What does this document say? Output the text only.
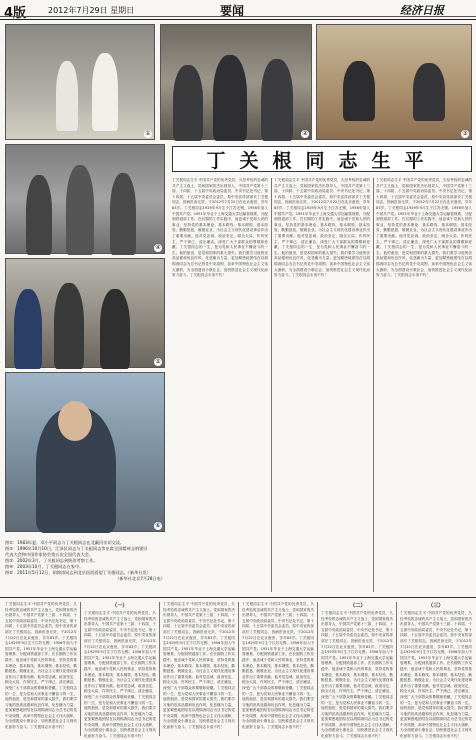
4版	2012年7月29日 星期日	要闻	经济日报
①	②	③
丁关根同志生平
④
⑤
⑥
图①：1983年夏，邓小平同志与丁关根同志在北戴河亲切交谈。
图②：1996年10月10日，江泽民同志与丁关根同志等出席全国精神文明建设
代表大会和中国作家协会第五次全国代表大会。
图③：2002年3月，丁关根同志到陕西考察工作。
图④：2003年10月，丁关根同志在家中。
图⑤：2011年5月12日，胡锦涛同志到北京医院看望丁关根同志。（新华社发）
（新华社北京7月28日电）
丁关根同志生平 中国共产党的优秀党员，久经考验的忠诚的共产主义战士，党和国家的杰出领导人，中国共产党第十三届、十四届、十五届中央政治局委员、中央书记处书记，第十四届、十五届中央委员会委员，原中央宣传部部长丁关根同志，因病医治无效，于2012年7月22日在北京逝世，享年83岁。丁关根同志1929年9月生于江苏无锡，1956年加入中国共产党。1951年毕业于上海交通大学运输管理系，分配到铁道部工作。在长期的工作实践中，他忠诚于党和人民的事业，坚持党的基本理论、基本路线、基本纲领、基本经验，勤勤恳恳，兢兢业业，为社会主义现代化建设事业作出了重要贡献。他对党忠诚，政治坚定，顾全大局，作风民主，严于律己，清正廉洁，深受广大干部群众的尊敬和爱戴。丁关根同志的一生，是为党和人民事业不懈奋斗的一生。他的逝世，是党和国家的重大损失。我们要学习他的崇高品德和优良作风，化悲痛为力量，更加紧密地团结在以胡锦涛同志为总书记的党中央周围，高举中国特色社会主义伟大旗帜，为全面建设小康社会、加快推进社会主义现代化而努力奋斗。丁关根同志永垂不朽！
丁关根同志生平 中国共产党的优秀党员，久经考验的忠诚的共产主义战士，党和国家的杰出领导人，中国共产党第十三届、十四届、十五届中央政治局委员、中央书记处书记，第十四届、十五届中央委员会委员，原中央宣传部部长丁关根同志，因病医治无效，于2012年7月22日在北京逝世，享年83岁。丁关根同志1929年9月生于江苏无锡，1956年加入中国共产党。1951年毕业于上海交通大学运输管理系，分配到铁道部工作。在长期的工作实践中，他忠诚于党和人民的事业，坚持党的基本理论、基本路线、基本纲领、基本经验，勤勤恳恳，兢兢业业，为社会主义现代化建设事业作出了重要贡献。他对党忠诚，政治坚定，顾全大局，作风民主，严于律己，清正廉洁，深受广大干部群众的尊敬和爱戴。丁关根同志的一生，是为党和人民事业不懈奋斗的一生。他的逝世，是党和国家的重大损失。我们要学习他的崇高品德和优良作风，化悲痛为力量，更加紧密地团结在以胡锦涛同志为总书记的党中央周围，高举中国特色社会主义伟大旗帜，为全面建设小康社会、加快推进社会主义现代化而努力奋斗。丁关根同志永垂不朽！
丁关根同志生平 中国共产党的优秀党员，久经考验的忠诚的共产主义战士，党和国家的杰出领导人，中国共产党第十三届、十四届、十五届中央政治局委员、中央书记处书记，第十四届、十五届中央委员会委员，原中央宣传部部长丁关根同志，因病医治无效，于2012年7月22日在北京逝世，享年83岁。丁关根同志1929年9月生于江苏无锡，1956年加入中国共产党。1951年毕业于上海交通大学运输管理系，分配到铁道部工作。在长期的工作实践中，他忠诚于党和人民的事业，坚持党的基本理论、基本路线、基本纲领、基本经验，勤勤恳恳，兢兢业业，为社会主义现代化建设事业作出了重要贡献。他对党忠诚，政治坚定，顾全大局，作风民主，严于律己，清正廉洁，深受广大干部群众的尊敬和爱戴。丁关根同志的一生，是为党和人民事业不懈奋斗的一生。他的逝世，是党和国家的重大损失。我们要学习他的崇高品德和优良作风，化悲痛为力量，更加紧密地团结在以胡锦涛同志为总书记的党中央周围，高举中国特色社会主义伟大旗帜，为全面建设小康社会、加快推进社会主义现代化而努力奋斗。丁关根同志永垂不朽！
丁关根同志生平 中国共产党的优秀党员，久经考验的忠诚的共产主义战士，党和国家的杰出领导人，中国共产党第十三届、十四届、十五届中央政治局委员、中央书记处书记，第十四届、十五届中央委员会委员，原中央宣传部部长丁关根同志，因病医治无效，于2012年7月22日在北京逝世，享年83岁。丁关根同志1929年9月生于江苏无锡，1956年加入中国共产党。1951年毕业于上海交通大学运输管理系，分配到铁道部工作。在长期的工作实践中，他忠诚于党和人民的事业，坚持党的基本理论、基本路线、基本纲领、基本经验，勤勤恳恳，兢兢业业，为社会主义现代化建设事业作出了重要贡献。他对党忠诚，政治坚定，顾全大局，作风民主，严于律己，清正廉洁，深受广大干部群众的尊敬和爱戴。丁关根同志的一生，是为党和人民事业不懈奋斗的一生。他的逝世，是党和国家的重大损失。我们要学习他的崇高品德和优良作风，化悲痛为力量，更加紧密地团结在以胡锦涛同志为总书记的党中央周围，高举中国特色社会主义伟大旗帜，为全面建设小康社会、加快推进社会主义现代化而努力奋斗。丁关根同志永垂不朽！
（一）
丁关根同志生平 中国共产党的优秀党员，久经考验的忠诚的共产主义战士，党和国家的杰出领导人，中国共产党第十三届、十四届、十五届中央政治局委员、中央书记处书记，第十四届、十五届中央委员会委员，原中央宣传部部长丁关根同志，因病医治无效，于2012年7月22日在北京逝世，享年83岁。丁关根同志1929年9月生于江苏无锡，1956年加入中国共产党。1951年毕业于上海交通大学运输管理系，分配到铁道部工作。在长期的工作实践中，他忠诚于党和人民的事业，坚持党的基本理论、基本路线、基本纲领、基本经验，勤勤恳恳，兢兢业业，为社会主义现代化建设事业作出了重要贡献。他对党忠诚，政治坚定，顾全大局，作风民主，严于律己，清正廉洁，深受广大干部群众的尊敬和爱戴。丁关根同志的一生，是为党和人民事业不懈奋斗的一生。他的逝世，是党和国家的重大损失。我们要学习他的崇高品德和优良作风，化悲痛为力量，更加紧密地团结在以胡锦涛同志为总书记的党中央周围，高举中国特色社会主义伟大旗帜，为全面建设小康社会、加快推进社会主义现代化而努力奋斗。丁关根同志永垂不朽！
丁关根同志生平 中国共产党的优秀党员，久经考验的忠诚的共产主义战士，党和国家的杰出领导人，中国共产党第十三届、十四届、十五届中央政治局委员、中央书记处书记，第十四届、十五届中央委员会委员，原中央宣传部部长丁关根同志，因病医治无效，于2012年7月22日在北京逝世，享年83岁。丁关根同志1929年9月生于江苏无锡，1956年加入中国共产党。1951年毕业于上海交通大学运输管理系，分配到铁道部工作。在长期的工作实践中，他忠诚于党和人民的事业，坚持党的基本理论、基本路线、基本纲领、基本经验，勤勤恳恳，兢兢业业，为社会主义现代化建设事业作出了重要贡献。他对党忠诚，政治坚定，顾全大局，作风民主，严于律己，清正廉洁，深受广大干部群众的尊敬和爱戴。丁关根同志的一生，是为党和人民事业不懈奋斗的一生。他的逝世，是党和国家的重大损失。我们要学习他的崇高品德和优良作风，化悲痛为力量，更加紧密地团结在以胡锦涛同志为总书记的党中央周围，高举中国特色社会主义伟大旗帜，为全面建设小康社会、加快推进社会主义现代化而努力奋斗。丁关根同志永垂不朽！
丁关根同志生平 中国共产党的优秀党员，久经考验的忠诚的共产主义战士，党和国家的杰出领导人，中国共产党第十三届、十四届、十五届中央政治局委员、中央书记处书记，第十四届、十五届中央委员会委员，原中央宣传部部长丁关根同志，因病医治无效，于2012年7月22日在北京逝世，享年83岁。丁关根同志1929年9月生于江苏无锡，1956年加入中国共产党。1951年毕业于上海交通大学运输管理系，分配到铁道部工作。在长期的工作实践中，他忠诚于党和人民的事业，坚持党的基本理论、基本路线、基本纲领、基本经验，勤勤恳恳，兢兢业业，为社会主义现代化建设事业作出了重要贡献。他对党忠诚，政治坚定，顾全大局，作风民主，严于律己，清正廉洁，深受广大干部群众的尊敬和爱戴。丁关根同志的一生，是为党和人民事业不懈奋斗的一生。他的逝世，是党和国家的重大损失。我们要学习他的崇高品德和优良作风，化悲痛为力量，更加紧密地团结在以胡锦涛同志为总书记的党中央周围，高举中国特色社会主义伟大旗帜，为全面建设小康社会、加快推进社会主义现代化而努力奋斗。丁关根同志永垂不朽！
（二）
丁关根同志生平 中国共产党的优秀党员，久经考验的忠诚的共产主义战士，党和国家的杰出领导人，中国共产党第十三届、十四届、十五届中央政治局委员、中央书记处书记，第十四届、十五届中央委员会委员，原中央宣传部部长丁关根同志，因病医治无效，于2012年7月22日在北京逝世，享年83岁。丁关根同志1929年9月生于江苏无锡，1956年加入中国共产党。1951年毕业于上海交通大学运输管理系，分配到铁道部工作。在长期的工作实践中，他忠诚于党和人民的事业，坚持党的基本理论、基本路线、基本纲领、基本经验，勤勤恳恳，兢兢业业，为社会主义现代化建设事业作出了重要贡献。他对党忠诚，政治坚定，顾全大局，作风民主，严于律己，清正廉洁，深受广大干部群众的尊敬和爱戴。丁关根同志的一生，是为党和人民事业不懈奋斗的一生。他的逝世，是党和国家的重大损失。我们要学习他的崇高品德和优良作风，化悲痛为力量，更加紧密地团结在以胡锦涛同志为总书记的党中央周围，高举中国特色社会主义伟大旗帜，为全面建设小康社会、加快推进社会主义现代化而努力奋斗。丁关根同志永垂不朽！
（三）
丁关根同志生平 中国共产党的优秀党员，久经考验的忠诚的共产主义战士，党和国家的杰出领导人，中国共产党第十三届、十四届、十五届中央政治局委员、中央书记处书记，第十四届、十五届中央委员会委员，原中央宣传部部长丁关根同志，因病医治无效，于2012年7月22日在北京逝世，享年83岁。丁关根同志1929年9月生于江苏无锡，1956年加入中国共产党。1951年毕业于上海交通大学运输管理系，分配到铁道部工作。在长期的工作实践中，他忠诚于党和人民的事业，坚持党的基本理论、基本路线、基本纲领、基本经验，勤勤恳恳，兢兢业业，为社会主义现代化建设事业作出了重要贡献。他对党忠诚，政治坚定，顾全大局，作风民主，严于律己，清正廉洁，深受广大干部群众的尊敬和爱戴。丁关根同志的一生，是为党和人民事业不懈奋斗的一生。他的逝世，是党和国家的重大损失。我们要学习他的崇高品德和优良作风，化悲痛为力量，更加紧密地团结在以胡锦涛同志为总书记的党中央周围，高举中国特色社会主义伟大旗帜，为全面建设小康社会、加快推进社会主义现代化而努力奋斗。丁关根同志永垂不朽！
